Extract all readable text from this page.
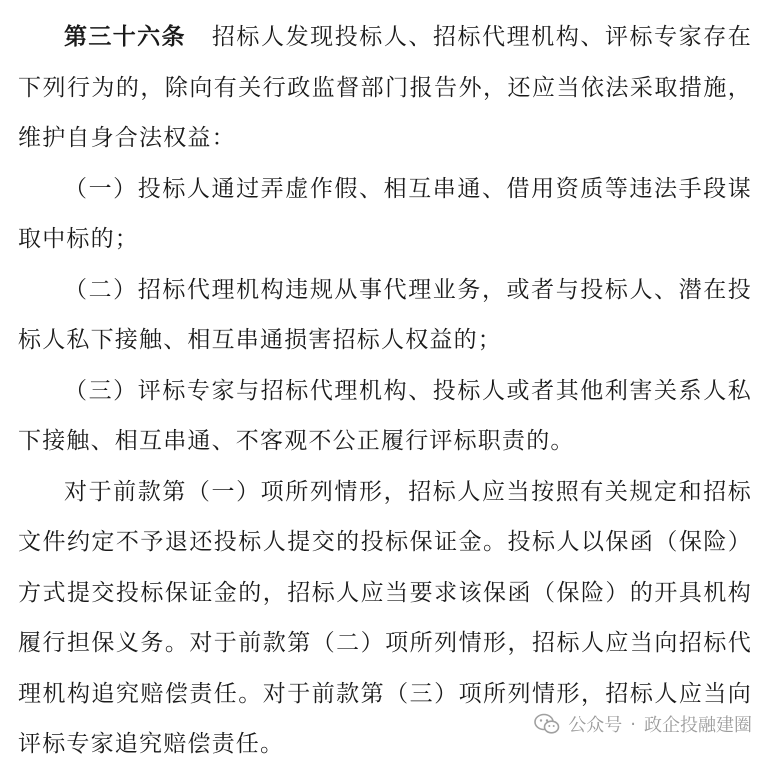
第三十六条 招标人发现投标人、招标代理机构、评标专家存在下列行为的，除向有关行政监督部门报告外，还应当依法采取措施，维护自身合法权益：

（一）投标人通过弄虚作假、相互串通、借用资质等违法手段谋取中标的；

（二）招标代理机构违规从事代理业务，或者与投标人、潜在投标人私下接触、相互串通损害招标人权益的；

（三）评标专家与招标代理机构、投标人或者其他利害关系人私下接触、相互串通、不客观不公正履行评标职责的。

对于前款第（一）项所列情形，招标人应当按照有关规定和招标文件约定不予退还投标人提交的投标保证金。投标人以保函（保险）方式提交投标保证金的，招标人应当要求该保函（保险）的开具机构履行担保义务。对于前款第（二）项所列情形，招标人应当向招标代理机构追究赔偿责任。对于前款第（三）项所列情形，招标人应当向评标专家追究赔偿责任。

公众号 · 政企投融建圈
